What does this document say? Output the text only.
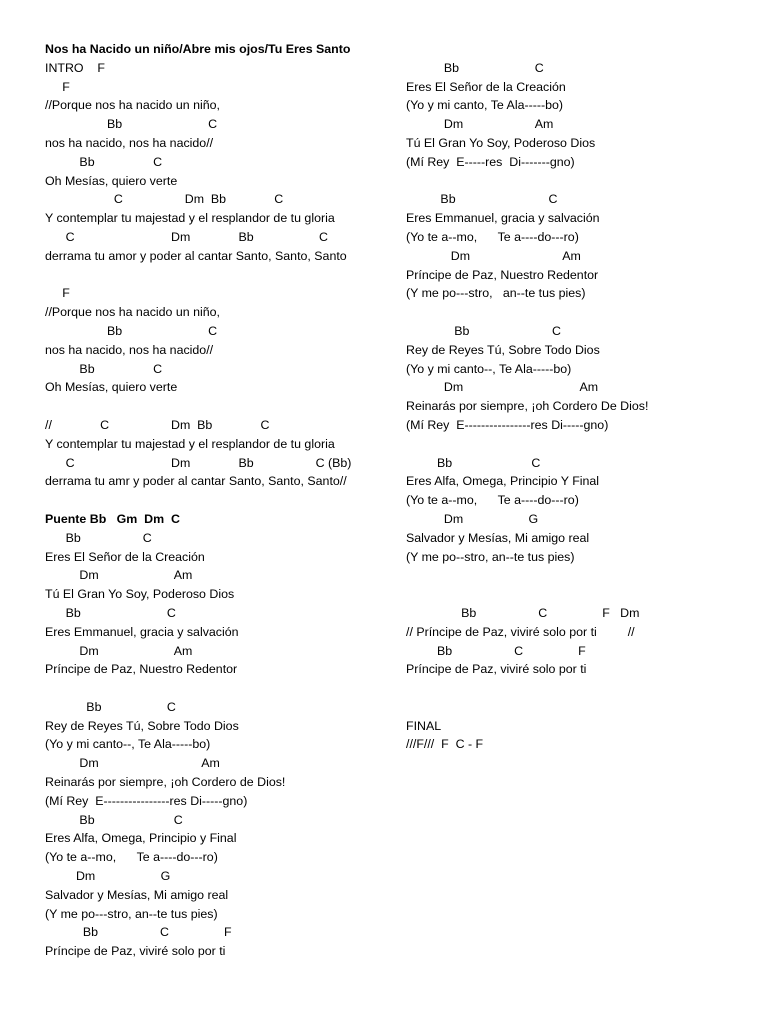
Nos ha Nacido un niño/Abre mis ojos/Tu Eres Santo
INTRO    F
F
//Porque nos ha nacido un niño,
Bb                         C
nos ha nacido, nos ha nacido//
Bb                 C
Oh Mesías, quiero verte
C                  Dm  Bb              C
Y contemplar tu majestad y el resplandor de tu gloria
C                            Dm              Bb                   C
derrama tu amor y poder al cantar Santo, Santo, Santo
F
//Porque nos ha nacido un niño,
Bb                         C
nos ha nacido, nos ha nacido//
Bb                 C
Oh Mesías, quiero verte
//              C                  Dm  Bb              C
Y contemplar tu majestad y el resplandor de tu gloria
C                            Dm              Bb                  C (Bb)
derrama tu amr y poder al cantar Santo, Santo, Santo//
Puente Bb   Gm  Dm  C
Bb                  C
Eres El Señor de la Creación
Dm                      Am
Tú El Gran Yo Soy, Poderoso Dios
Bb                         C
Eres Emmanuel, gracia y salvación
Dm                      Am
Príncipe de Paz, Nuestro Redentor
Bb                   C
Rey de Reyes Tú, Sobre Todo Dios
(Yo y mi canto--, Te Ala-----bo)
Dm                              Am
Reinarás por siempre, ¡oh Cordero de Dios!
(Mí Rey  E----------------res Di-----gno)
Bb                       C
Eres Alfa, Omega, Principio y Final
(Yo te a--mo,      Te a----do---ro)
Dm                   G
Salvador y Mesías, Mi amigo real
(Y me po---stro, an--te tus pies)
Bb                  C                F
Príncipe de Paz, viviré solo por ti
Bb                      C
Eres El Señor de la Creación
(Yo y mi canto, Te Ala-----bo)
Dm                     Am
Tú El Gran Yo Soy, Poderoso Dios
(Mí Rey  E-----res  Di-------gno)
Bb                           C
Eres Emmanuel, gracia y salvación
(Yo te a--mo,      Te a----do---ro)
Dm                           Am
Príncipe de Paz, Nuestro Redentor
(Y me po---stro,   an--te tus pies)
Bb                        C
Rey de Reyes Tú, Sobre Todo Dios
(Yo y mi canto--, Te Ala-----bo)
Dm                                  Am
Reinarás por siempre, ¡oh Cordero De Dios!
(Mí Rey  E----------------res Di-----gno)
Bb                       C
Eres Alfa, Omega, Principio Y Final
(Yo te a--mo,      Te a----do---ro)
Dm                   G
Salvador y Mesías, Mi amigo real
(Y me po--stro, an--te tus pies)
Bb                  C                F   Dm
// Príncipe de Paz, viviré solo por ti         //
Bb                  C                F
Príncipe de Paz, viviré solo por ti
FINAL
///F///  F  C - F
